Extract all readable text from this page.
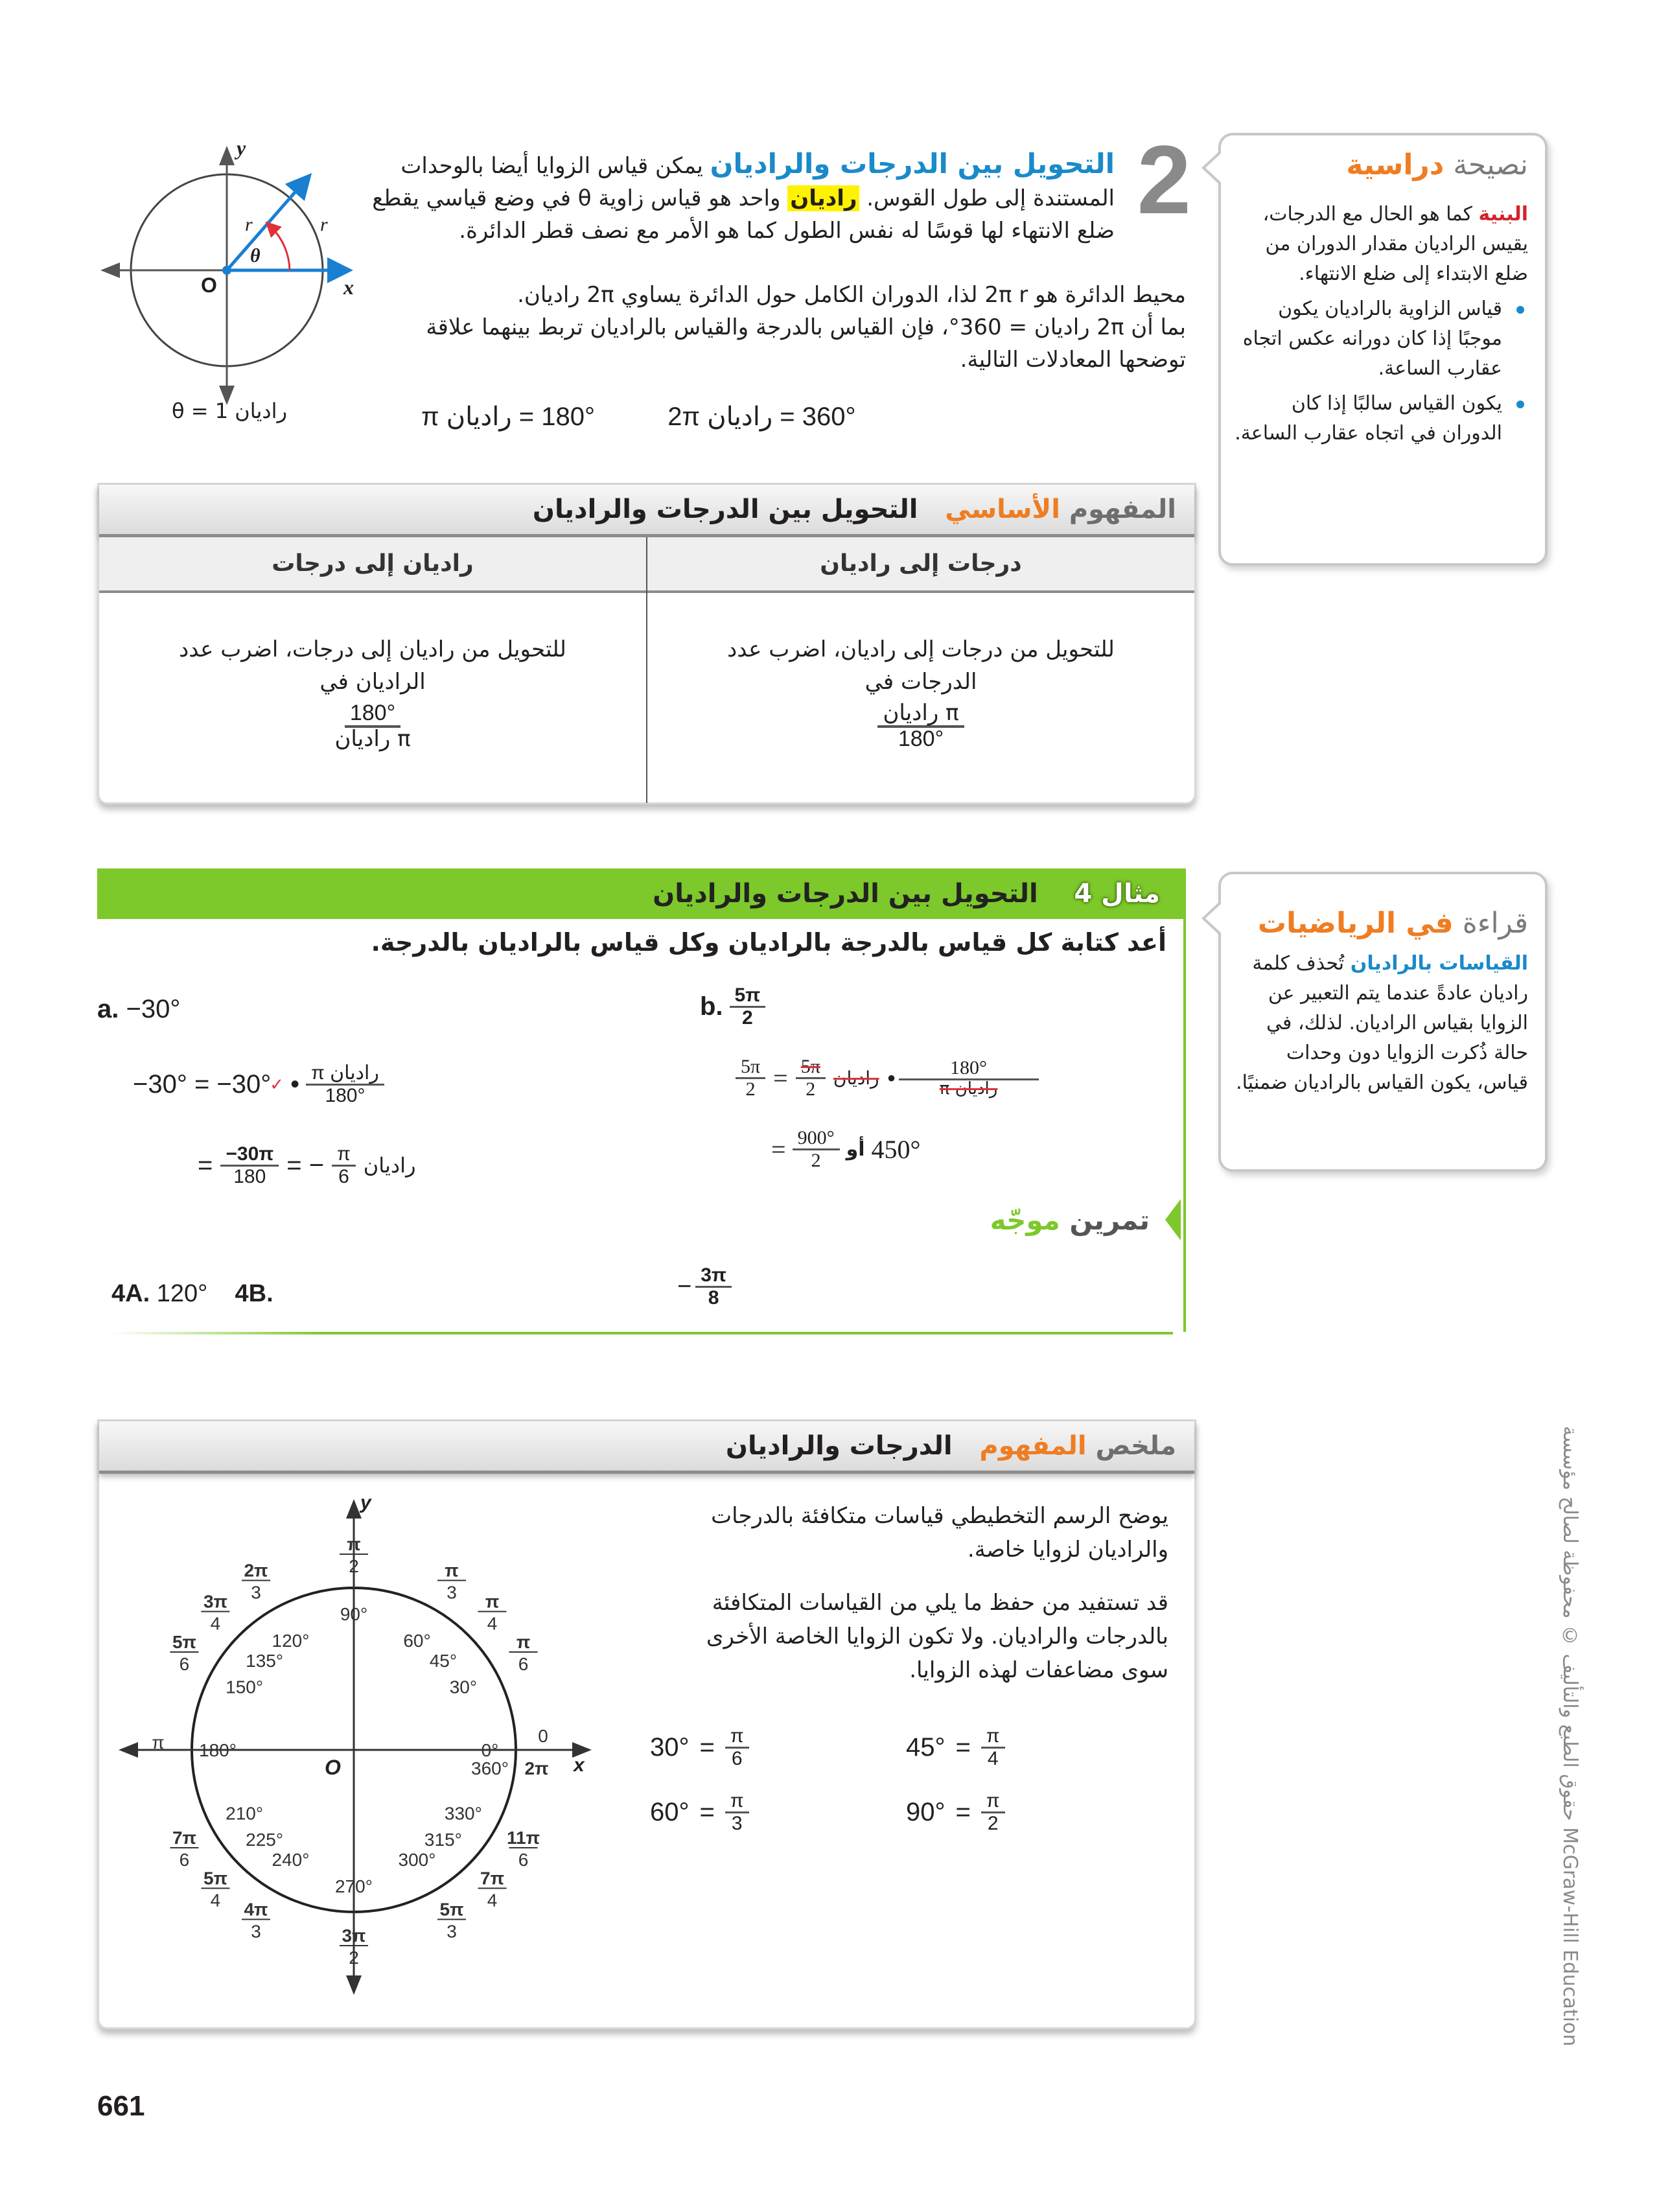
2
التحويل بين الدرجات والراديان يمكن قياس الزوايا أيضا بالوحدات المستندة إلى طول القوس. راديان واحد هو قياس زاوية θ في وضع قياسي يقطع ضلع الانتهاء لها قوسًا له نفس الطول كما هو الأمر مع نصف قطر الدائرة.
محيط الدائرة هو 2π r لذا، الدوران الكامل حول الدائرة يساوي 2π راديان.
بما أن 2π راديان = 360°، فإن القياس بالدرجة والقياس بالراديان تربط بينهما علاقة توضحها المعادلات التالية.
180° = راديان π	360° = راديان 2π
y
x
O
r	r
θ
θ = 1 راديان
نصيحة دراسية
البنية كما هو الحال مع الدرجات، يقيس الراديان مقدار الدوران من ضلع الابتداء إلى ضلع الانتهاء.
قياس الزاوية بالراديان يكون موجبًا إذا كان دورانه عكس اتجاه عقارب الساعة.
يكون القياس سالبًا إذا كان الدوران في اتجاه عقارب الساعة.
المفهوم الأساسي   التحويل بين الدرجات والراديان
درجات إلى راديان
للتحويل من درجات إلى راديان، اضرب عدد الدرجات في
$\frac{\text{π راديان}}{180^\circ}$
راديان إلى درجات
للتحويل من راديان إلى درجات، اضرب عدد الراديان في
$\frac{180^\circ}{\text{π راديان}}$
مثال 4    التحويل بين الدرجات والراديان
أعد كتابة كل قياس بالدرجة بالراديان وكل قياس بالراديان بالدرجة.
a. −30°
−30° = −30°
✓ • $\frac{\text{π راديان}}{180^\circ}$
= $\frac{-30\pi}{180}$ = − $\frac{\pi}{6}$ راديان
b. $\frac{5\pi}{2}$
$\frac{5\pi}{2} = \frac{5\pi}{2}$ راديان • $\frac{180^\circ}{\text{π راديان}}$
= $\frac{900^\circ}{2}$ أو 450°
تمرين موجّه
4A. 120° 4B.	− $\frac{3\pi}{8}$
قراءة في الرياضيات
القياسات بالراديان تُحذف كلمة راديان عادةً عندما يتم التعبير عن الزوايا بقياس الراديان. لذلك، في حالة ذُكرت الزوايا دون وحدات قياس، يكون القياس بالراديان ضمنيًا.
ملخص المفهوم   الدرجات والراديان
يوضح الرسم التخطيطي قياسات متكافئة بالدرجات والراديان لزوايا خاصة.
قد تستفيد من حفظ ما يلي من القياسات المتكافئة بالدرجات والراديان. ولا تكون الزوايا الخاصة الأخرى سوى مضاعفات لهذه الزوايا.
$30^\circ = \frac{\pi}{6}$	$45^\circ = \frac{\pi}{4}$
$60^\circ = \frac{\pi}{3}$	$90^\circ = \frac{\pi}{2}$
y
x
O
0°
0
30°
π
6
45°
π
4
60°
π
3
90°
π
2
120°
2π
3
135°
3π
4
150°
5π
6
180°
π
210°
7π
6
225°
5π
4
240°
4π
3
270°
3π
2
300°
5π
3
315°
7π
4
330°
11π
6
360° 2π	حقوق الطبع والتأليف © محفوظة لصالح مؤسسة McGraw-Hill Education
661
